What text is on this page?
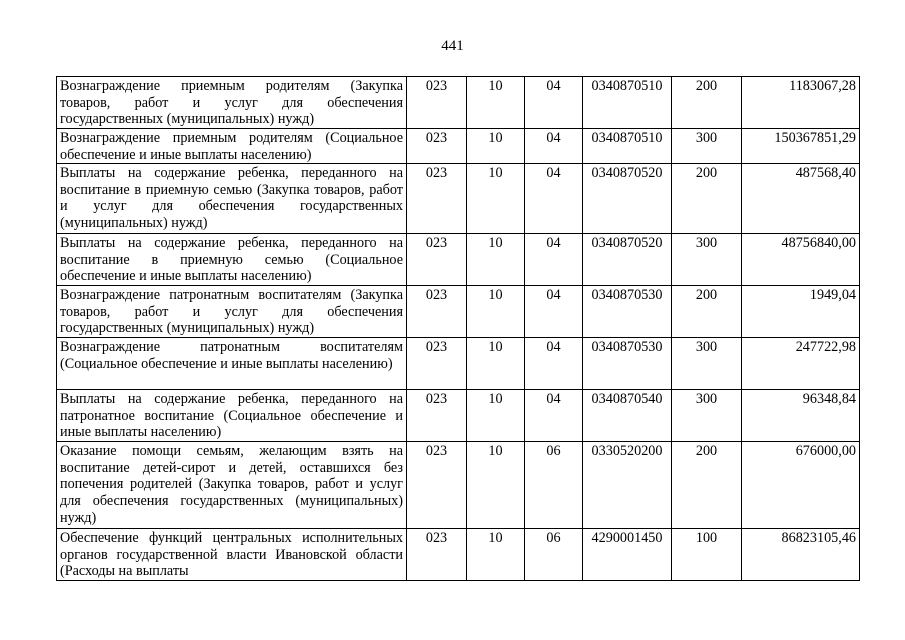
441
Вознаграждение приемным родителям (Закупка товаров, работ и услуг для обеспечения государственных (муниципальных) нужд)	023	10	04	0340870510	200	1183067,28
Вознаграждение приемным родителям (Социальное обеспечение и иные выплаты населению)	023	10	04	0340870510	300	150367851,29
Выплаты на содержание ребенка, переданного на воспитание в приемную семью (Закупка товаров, работ и услуг для обеспечения государственных (муниципальных) нужд)	023	10	04	0340870520	200	487568,40
Выплаты на содержание ребенка, переданного на воспитание в приемную семью (Социальное обеспечение и иные выплаты населению)	023	10	04	0340870520	300	48756840,00
Вознаграждение патронатным воспитателям (Закупка товаров, работ и услуг для обеспечения государственных (муниципальных) нужд)	023	10	04	0340870530	200	1949,04
Вознаграждение патронатным воспитателям (Социальное обеспечение и иные выплаты населению)	023	10	04	0340870530	300	247722,98
Выплаты на содержание ребенка, переданного на патронатное воспитание (Социальное обеспечение и иные выплаты населению)	023	10	04	0340870540	300	96348,84
Оказание помощи семьям, желающим взять на воспитание детей-сирот и детей, оставшихся без попечения родителей (Закупка товаров, работ и услуг для обеспечения государственных (муниципальных) нужд)	023	10	06	0330520200	200	676000,00
Обеспечение функций центральных исполнительных органов государственной власти Ивановской области (Расходы на выплаты	023	10	06	4290001450	100	86823105,46
